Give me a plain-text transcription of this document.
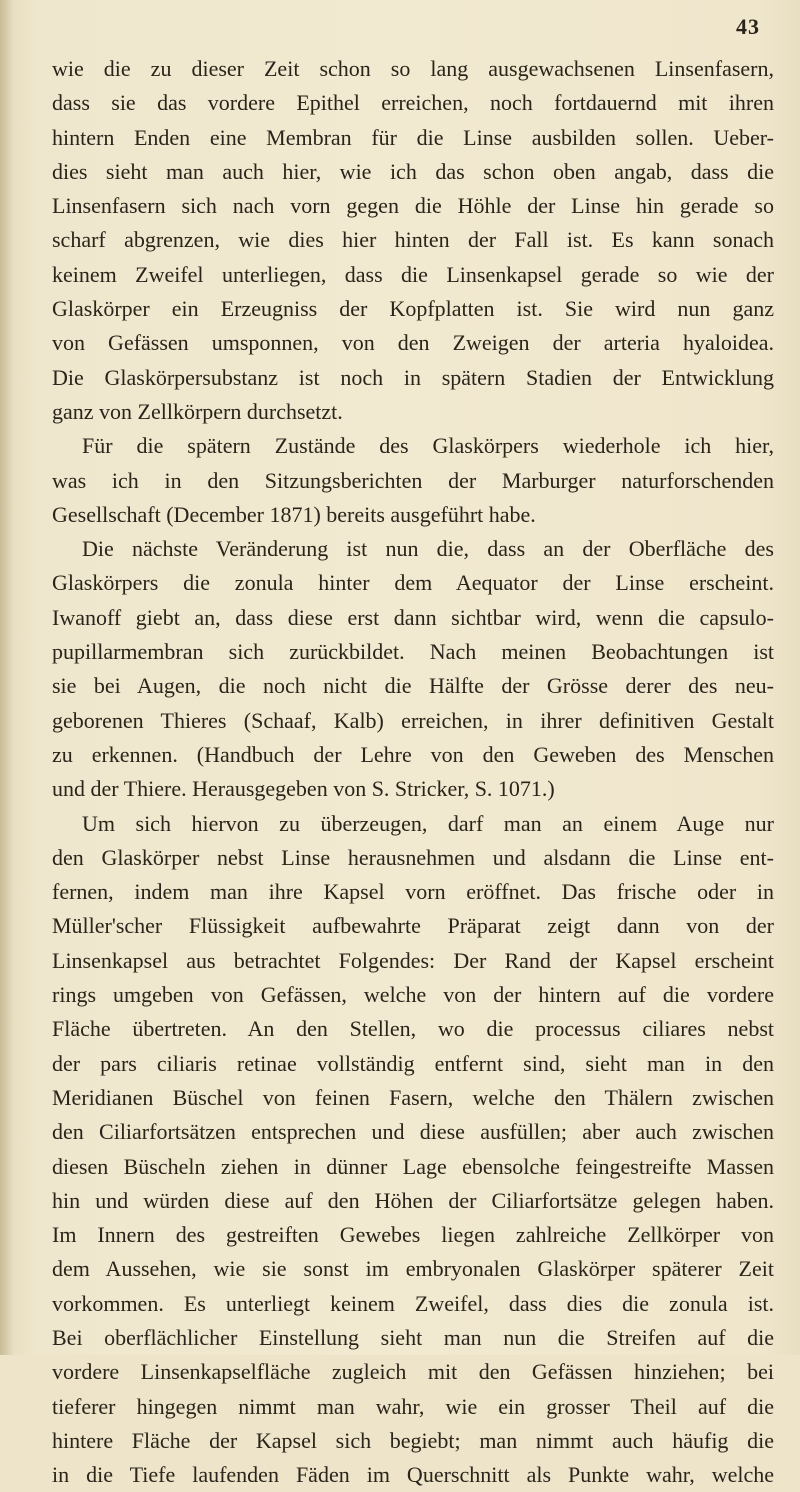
43
wie die zu dieser Zeit schon so lang ausgewachsenen Linsenfasern,
dass sie das vordere Epithel erreichen, noch fortdauernd mit ihren
hintern Enden eine Membran für die Linse ausbilden sollen. Ueber-
dies sieht man auch hier, wie ich das schon oben angab, dass die
Linsenfasern sich nach vorn gegen die Höhle der Linse hin gerade so
scharf abgrenzen, wie dies hier hinten der Fall ist. Es kann sonach
keinem Zweifel unterliegen, dass die Linsenkapsel gerade so wie der
Glaskörper ein Erzeugniss der Kopfplatten ist. Sie wird nun ganz
von Gefässen umsponnen, von den Zweigen der arteria hyaloidea.
Die Glaskörpersubstanz ist noch in spätern Stadien der Entwicklung
ganz von Zellkörpern durchsetzt.
Für die spätern Zustände des Glaskörpers wiederhole ich hier,
was ich in den Sitzungsberichten der Marburger naturforschenden
Gesellschaft (December 1871) bereits ausgeführt habe.
Die nächste Veränderung ist nun die, dass an der Oberfläche des
Glaskörpers die zonula hinter dem Aequator der Linse erscheint.
Iwanoff giebt an, dass diese erst dann sichtbar wird, wenn die capsulo-
pupillarmembran sich zurückbildet. Nach meinen Beobachtungen ist
sie bei Augen, die noch nicht die Hälfte der Grösse derer des neu-
geborenen Thieres (Schaaf, Kalb) erreichen, in ihrer definitiven Gestalt
zu erkennen. (Handbuch der Lehre von den Geweben des Menschen
und der Thiere. Herausgegeben von S. Stricker, S. 1071.)
Um sich hiervon zu überzeugen, darf man an einem Auge nur
den Glaskörper nebst Linse herausnehmen und alsdann die Linse ent-
fernen, indem man ihre Kapsel vorn eröffnet. Das frische oder in
Müller'scher Flüssigkeit aufbewahrte Präparat zeigt dann von der
Linsenkapsel aus betrachtet Folgendes: Der Rand der Kapsel erscheint
rings umgeben von Gefässen, welche von der hintern auf die vordere
Fläche übertreten. An den Stellen, wo die processus ciliares nebst
der pars ciliaris retinae vollständig entfernt sind, sieht man in den
Meridianen Büschel von feinen Fasern, welche den Thälern zwischen
den Ciliarfortsätzen entsprechen und diese ausfüllen; aber auch zwischen
diesen Büscheln ziehen in dünner Lage ebensolche feingestreifte Massen
hin und würden diese auf den Höhen der Ciliarfortsätze gelegen haben.
Im Innern des gestreiften Gewebes liegen zahlreiche Zellkörper von
dem Aussehen, wie sie sonst im embryonalen Glaskörper späterer Zeit
vorkommen. Es unterliegt keinem Zweifel, dass dies die zonula ist.
Bei oberflächlicher Einstellung sieht man nun die Streifen auf die
vordere Linsenkapselfläche zugleich mit den Gefässen hinziehen; bei
tieferer hingegen nimmt man wahr, wie ein grosser Theil auf die
hintere Fläche der Kapsel sich begiebt; man nimmt auch häufig die
in die Tiefe laufenden Fäden im Querschnitt als Punkte wahr, welche
